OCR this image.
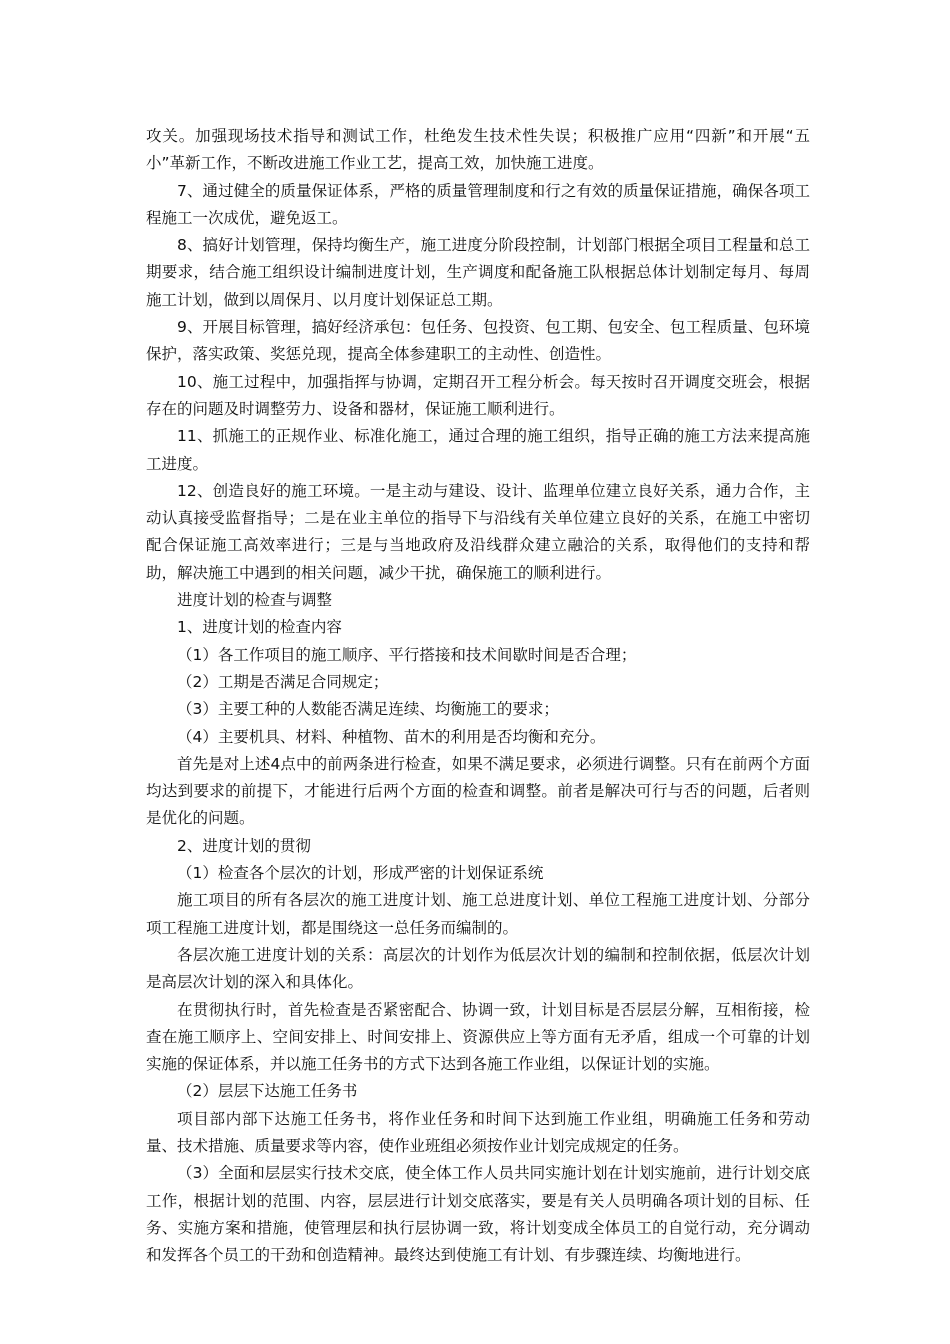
攻关。加强现场技术指导和测试工作，杜绝发生技术性失误；积极推广应用“四新”和开展“五小”革新工作，不断改进施工作业工艺，提高工效，加快施工进度。

7、通过健全的质量保证体系，严格的质量管理制度和行之有效的质量保证措施，确保各项工程施工一次成优，避免返工。

8、搞好计划管理，保持均衡生产，施工进度分阶段控制，计划部门根据全项目工程量和总工期要求，结合施工组织设计编制进度计划，生产调度和配备施工队根据总体计划制定每月、每周施工计划，做到以周保月、以月度计划保证总工期。

9、开展目标管理，搞好经济承包：包任务、包投资、包工期、包安全、包工程质量、包环境保护，落实政策、奖惩兑现，提高全体参建职工的主动性、创造性。

10、施工过程中，加强指挥与协调，定期召开工程分析会。每天按时召开调度交班会，根据存在的问题及时调整劳力、设备和器材，保证施工顺利进行。

11、抓施工的正规作业、标准化施工，通过合理的施工组织，指导正确的施工方法来提高施工进度。

12、创造良好的施工环境。一是主动与建设、设计、监理单位建立良好关系，通力合作，主动认真接受监督指导；二是在业主单位的指导下与沿线有关单位建立良好的关系，在施工中密切配合保证施工高效率进行；三是与当地政府及沿线群众建立融洽的关系，取得他们的支持和帮助，解决施工中遇到的相关问题，减少干扰，确保施工的顺利进行。

进度计划的检查与调整

1、进度计划的检查内容

（1）各工作项目的施工顺序、平行搭接和技术间歇时间是否合理；

（2）工期是否满足合同规定；

（3）主要工种的人数能否满足连续、均衡施工的要求；

（4）主要机具、材料、种植物、苗木的利用是否均衡和充分。

首先是对上述4点中的前两条进行检查，如果不满足要求，必须进行调整。只有在前两个方面均达到要求的前提下，才能进行后两个方面的检查和调整。前者是解决可行与否的问题，后者则是优化的问题。

2、进度计划的贯彻

（1）检查各个层次的计划，形成严密的计划保证系统

施工项目的所有各层次的施工进度计划、施工总进度计划、单位工程施工进度计划、分部分项工程施工进度计划，都是围绕这一总任务而编制的。

各层次施工进度计划的关系：高层次的计划作为低层次计划的编制和控制依据，低层次计划是高层次计划的深入和具体化。

在贯彻执行时，首先检查是否紧密配合、协调一致，计划目标是否层层分解，互相衔接，检查在施工顺序上、空间安排上、时间安排上、资源供应上等方面有无矛盾，组成一个可靠的计划实施的保证体系，并以施工任务书的方式下达到各施工作业组，以保证计划的实施。

（2）层层下达施工任务书

项目部内部下达施工任务书，将作业任务和时间下达到施工作业组，明确施工任务和劳动量、技术措施、质量要求等内容，使作业班组必须按作业计划完成规定的任务。

（3）全面和层层实行技术交底，使全体工作人员共同实施计划在计划实施前，进行计划交底工作，根据计划的范围、内容，层层进行计划交底落实，要是有关人员明确各项计划的目标、任务、实施方案和措施，使管理层和执行层协调一致，将计划变成全体员工的自觉行动，充分调动和发挥各个员工的干劲和创造精神。最终达到使施工有计划、有步骤连续、均衡地进行。
